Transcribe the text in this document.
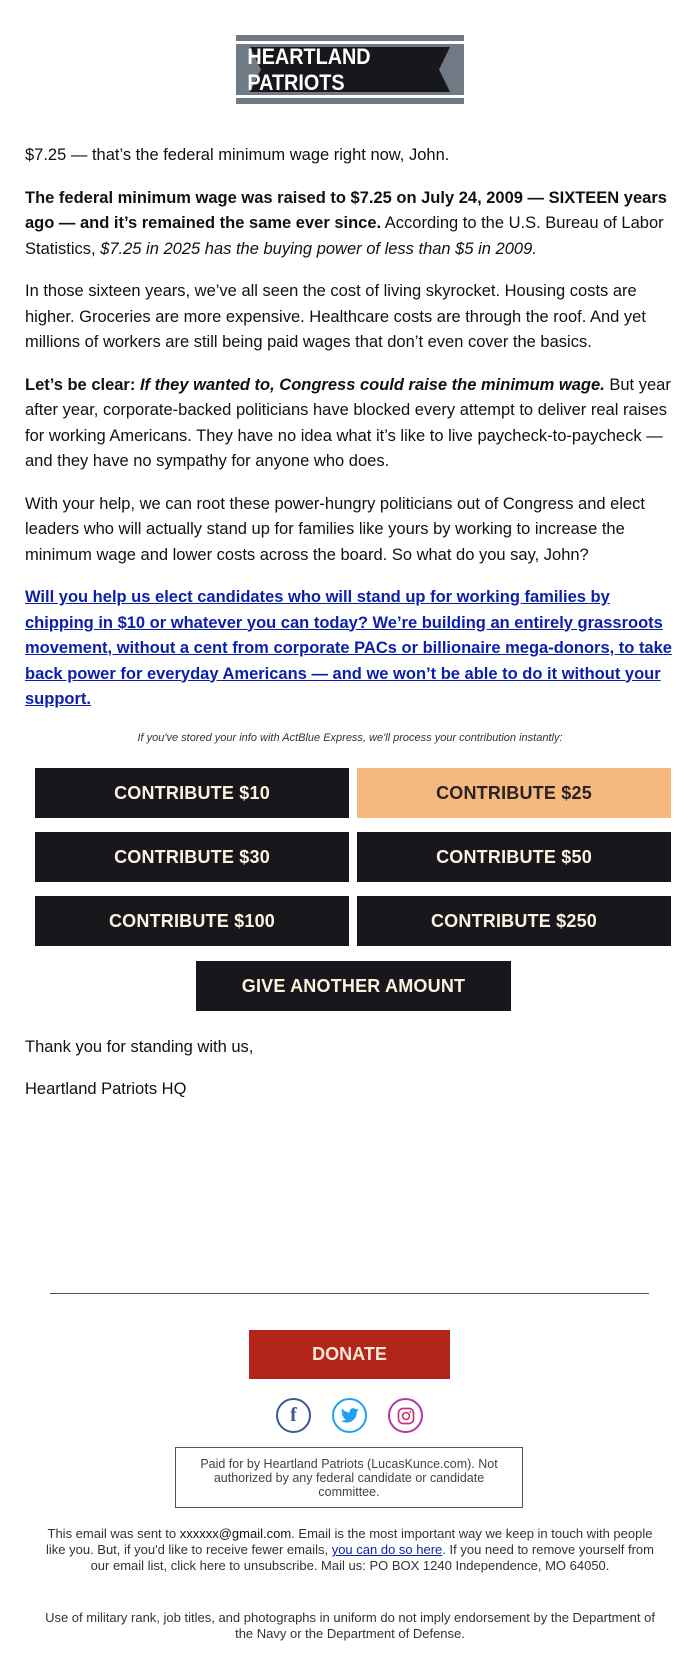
HEARTLAND PATRIOTS

$7.25 — that’s the federal minimum wage right now, John.

The federal minimum wage was raised to $7.25 on July 24, 2009 — SIXTEEN years ago — and it’s remained the same ever since. According to the U.S. Bureau of Labor Statistics, $7.25 in 2025 has the buying power of less than $5 in 2009.

In those sixteen years, we’ve all seen the cost of living skyrocket. Housing costs are higher. Groceries are more expensive. Healthcare costs are through the roof. And yet millions of workers are still being paid wages that don’t even cover the basics.

Let’s be clear: If they wanted to, Congress could raise the minimum wage. But year after year, corporate-backed politicians have blocked every attempt to deliver real raises for working Americans. They have no idea what it’s like to live paycheck-to-paycheck — and they have no sympathy for anyone who does.

With your help, we can root these power-hungry politicians out of Congress and elect leaders who will actually stand up for families like yours by working to increase the minimum wage and lower costs across the board. So what do you say, John?

Will you help us elect candidates who will stand up for working families by chipping in $10 or whatever you can today? We’re building an entirely grassroots movement, without a cent from corporate PACs or billionaire mega-donors, to take back power for everyday Americans — and we won’t be able to do it without your support.

If you've stored your info with ActBlue Express, we'll process your contribution instantly:
CONTRIBUTE $10	CONTRIBUTE $25
CONTRIBUTE $30	CONTRIBUTE $50
CONTRIBUTE $100	CONTRIBUTE $250
GIVE ANOTHER AMOUNT
Thank you for standing with us,
Heartland Patriots HQ
DONATE
f
Paid for by Heartland Patriots (LucasKunce.com). Not authorized by any federal candidate or candidate committee.
This email was sent to xxxxxx@gmail.com. Email is the most important way we keep in touch with people like you. But, if you'd like to receive fewer emails, you can do so here. If you need to remove yourself from our email list, click here to unsubscribe. Mail us: PO BOX 1240 Independence, MO 64050.
Use of military rank, job titles, and photographs in uniform do not imply endorsement by the Department of the Navy or the Department of Defense.
